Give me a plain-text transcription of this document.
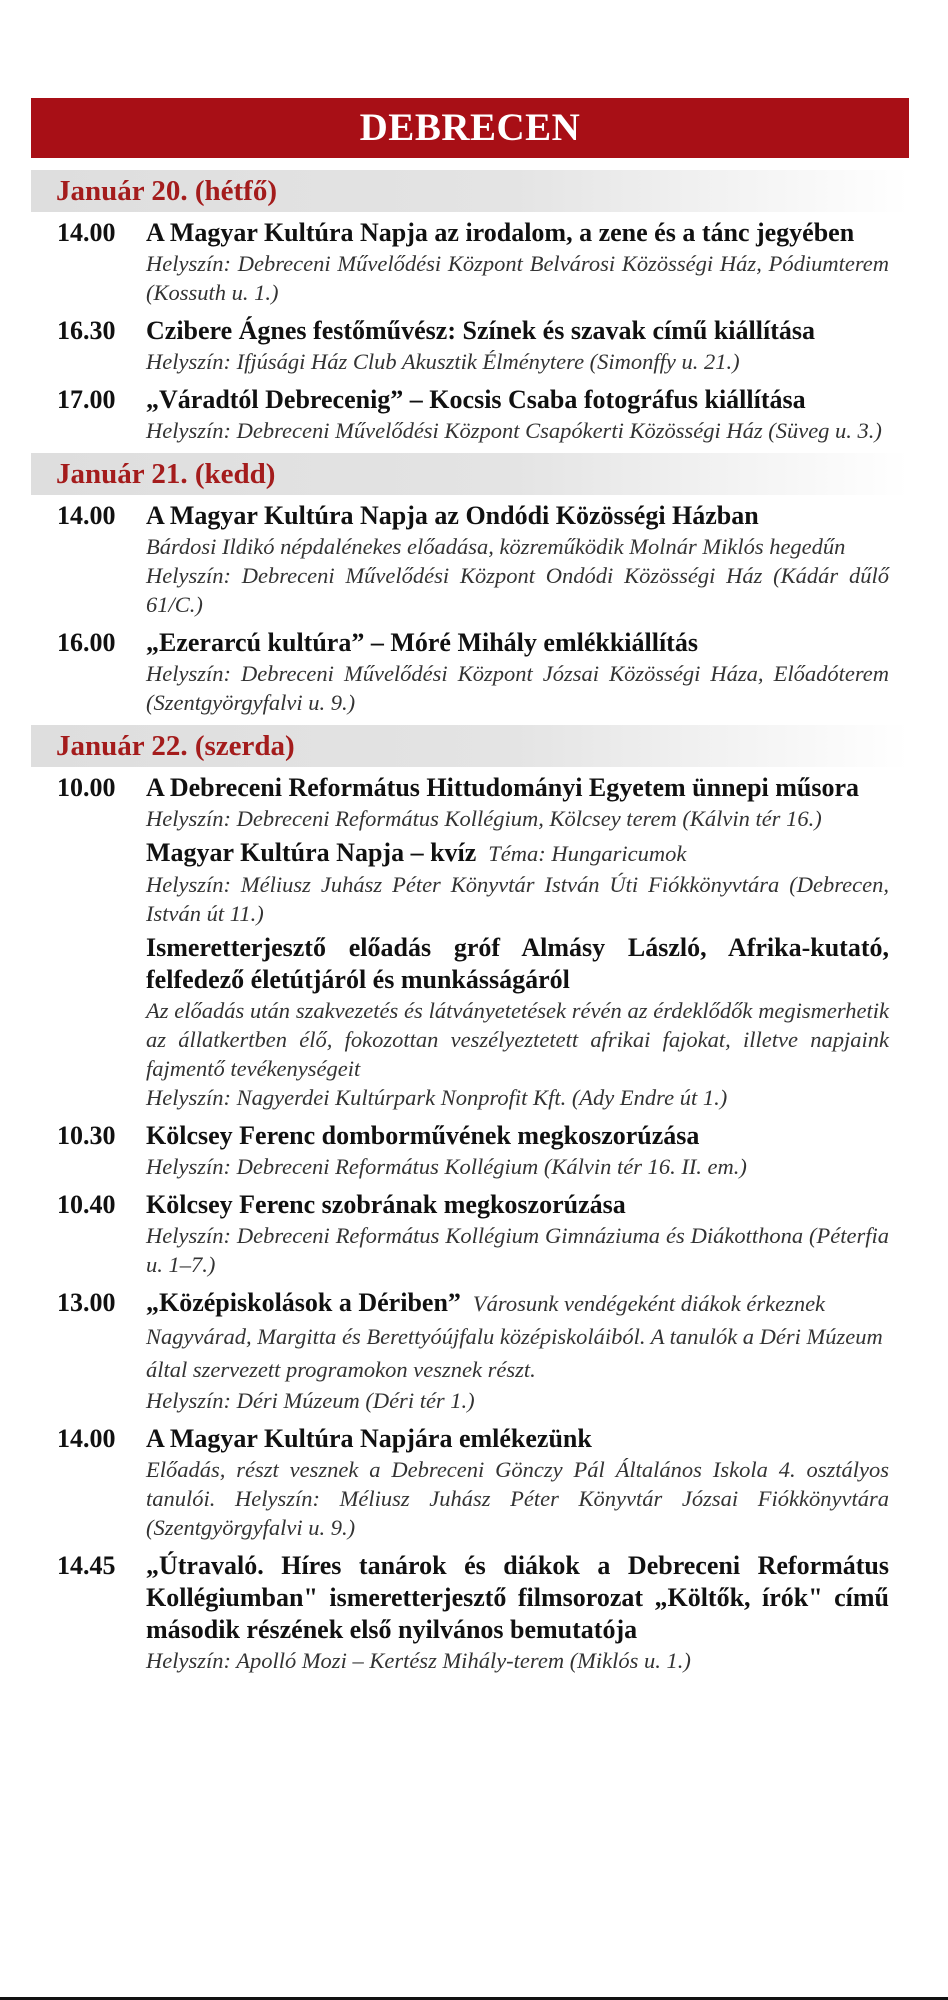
DEBRECEN
Január 20. (hétfő)
14.00	A Magyar Kultúra Napja az irodalom, a zene és a tánc jegyében
Helyszín: Debreceni Művelődési Központ Belvárosi Közösségi Ház, Pódiumterem (Kossuth u. 1.)
16.30	Czibere Ágnes festőművész: Színek és szavak című kiállítása
Helyszín: Ifjúsági Ház Club Akusztik Élménytere (Simonffy u. 21.)
17.00	„Váradtól Debrecenig” – Kocsis Csaba fotográfus kiállítása
Helyszín: Debreceni Művelődési Központ Csapókerti Közösségi Ház (Süveg u. 3.)
Január 21. (kedd)
14.00	A Magyar Kultúra Napja az Ondódi Közösségi Házban
Bárdosi Ildikó népdalénekes előadása, közreműködik Molnár Miklós hegedűn
Helyszín: Debreceni Művelődési Központ Ondódi Közösségi Ház (Kádár dűlő 61/C.)
16.00	„Ezerarcú kultúra” – Móré Mihály emlékkiállítás
Helyszín: Debreceni Művelődési Központ Józsai Közösségi Háza, Előadóterem (Szentgyörgyfalvi u. 9.)
Január 22. (szerda)
10.00	A Debreceni Református Hittudományi Egyetem ünnepi műsora
Helyszín: Debreceni Református Kollégium, Kölcsey terem (Kálvin tér 16.)
Magyar Kultúra Napja – kvíz Téma: Hungaricumok
Helyszín: Méliusz Juhász Péter Könyvtár István Úti Fiókkönyvtára (Debrecen, István út 11.)
Ismeretterjesztő előadás gróf Almásy László, Afrika-kutató, felfedező életútjáról és munkásságáról
Az előadás után szakvezetés és látványetetések révén az érdeklődők megismerhetik az állatkertben élő, fokozottan veszélyeztetett afrikai fajokat, illetve napjaink fajmentő tevékenységeit
Helyszín: Nagyerdei Kultúrpark Nonprofit Kft. (Ady Endre út 1.)
10.30	Kölcsey Ferenc domborművének megkoszorúzása
Helyszín: Debreceni Református Kollégium (Kálvin tér 16. II. em.)
10.40	Kölcsey Ferenc szobrának megkoszorúzása
Helyszín: Debreceni Református Kollégium Gimnáziuma és Diákotthona (Péterfia u. 1–7.)
13.00	„Középiskolások a Dériben” Városunk vendégeként diákok érkeznek Nagyvárad, Margitta és Berettyóújfalu középiskoláiból. A tanulók a Déri Múzeum által szervezett programokon vesznek részt.
Helyszín: Déri Múzeum (Déri tér 1.)
14.00	A Magyar Kultúra Napjára emlékezünk
Előadás, részt vesznek a Debreceni Gönczy Pál Általános Iskola 4. osztályos tanulói. Helyszín: Méliusz Juhász Péter Könyvtár Józsai Fiókkönyvtára (Szentgyörgyfalvi u. 9.)
14.45	„Útravaló. Híres tanárok és diákok a Debreceni Református Kollégiumban" ismeretterjesztő filmsorozat „Költők, írók" című második részének első nyilvános bemutatója
Helyszín: Apolló Mozi – Kertész Mihály-terem (Miklós u. 1.)
